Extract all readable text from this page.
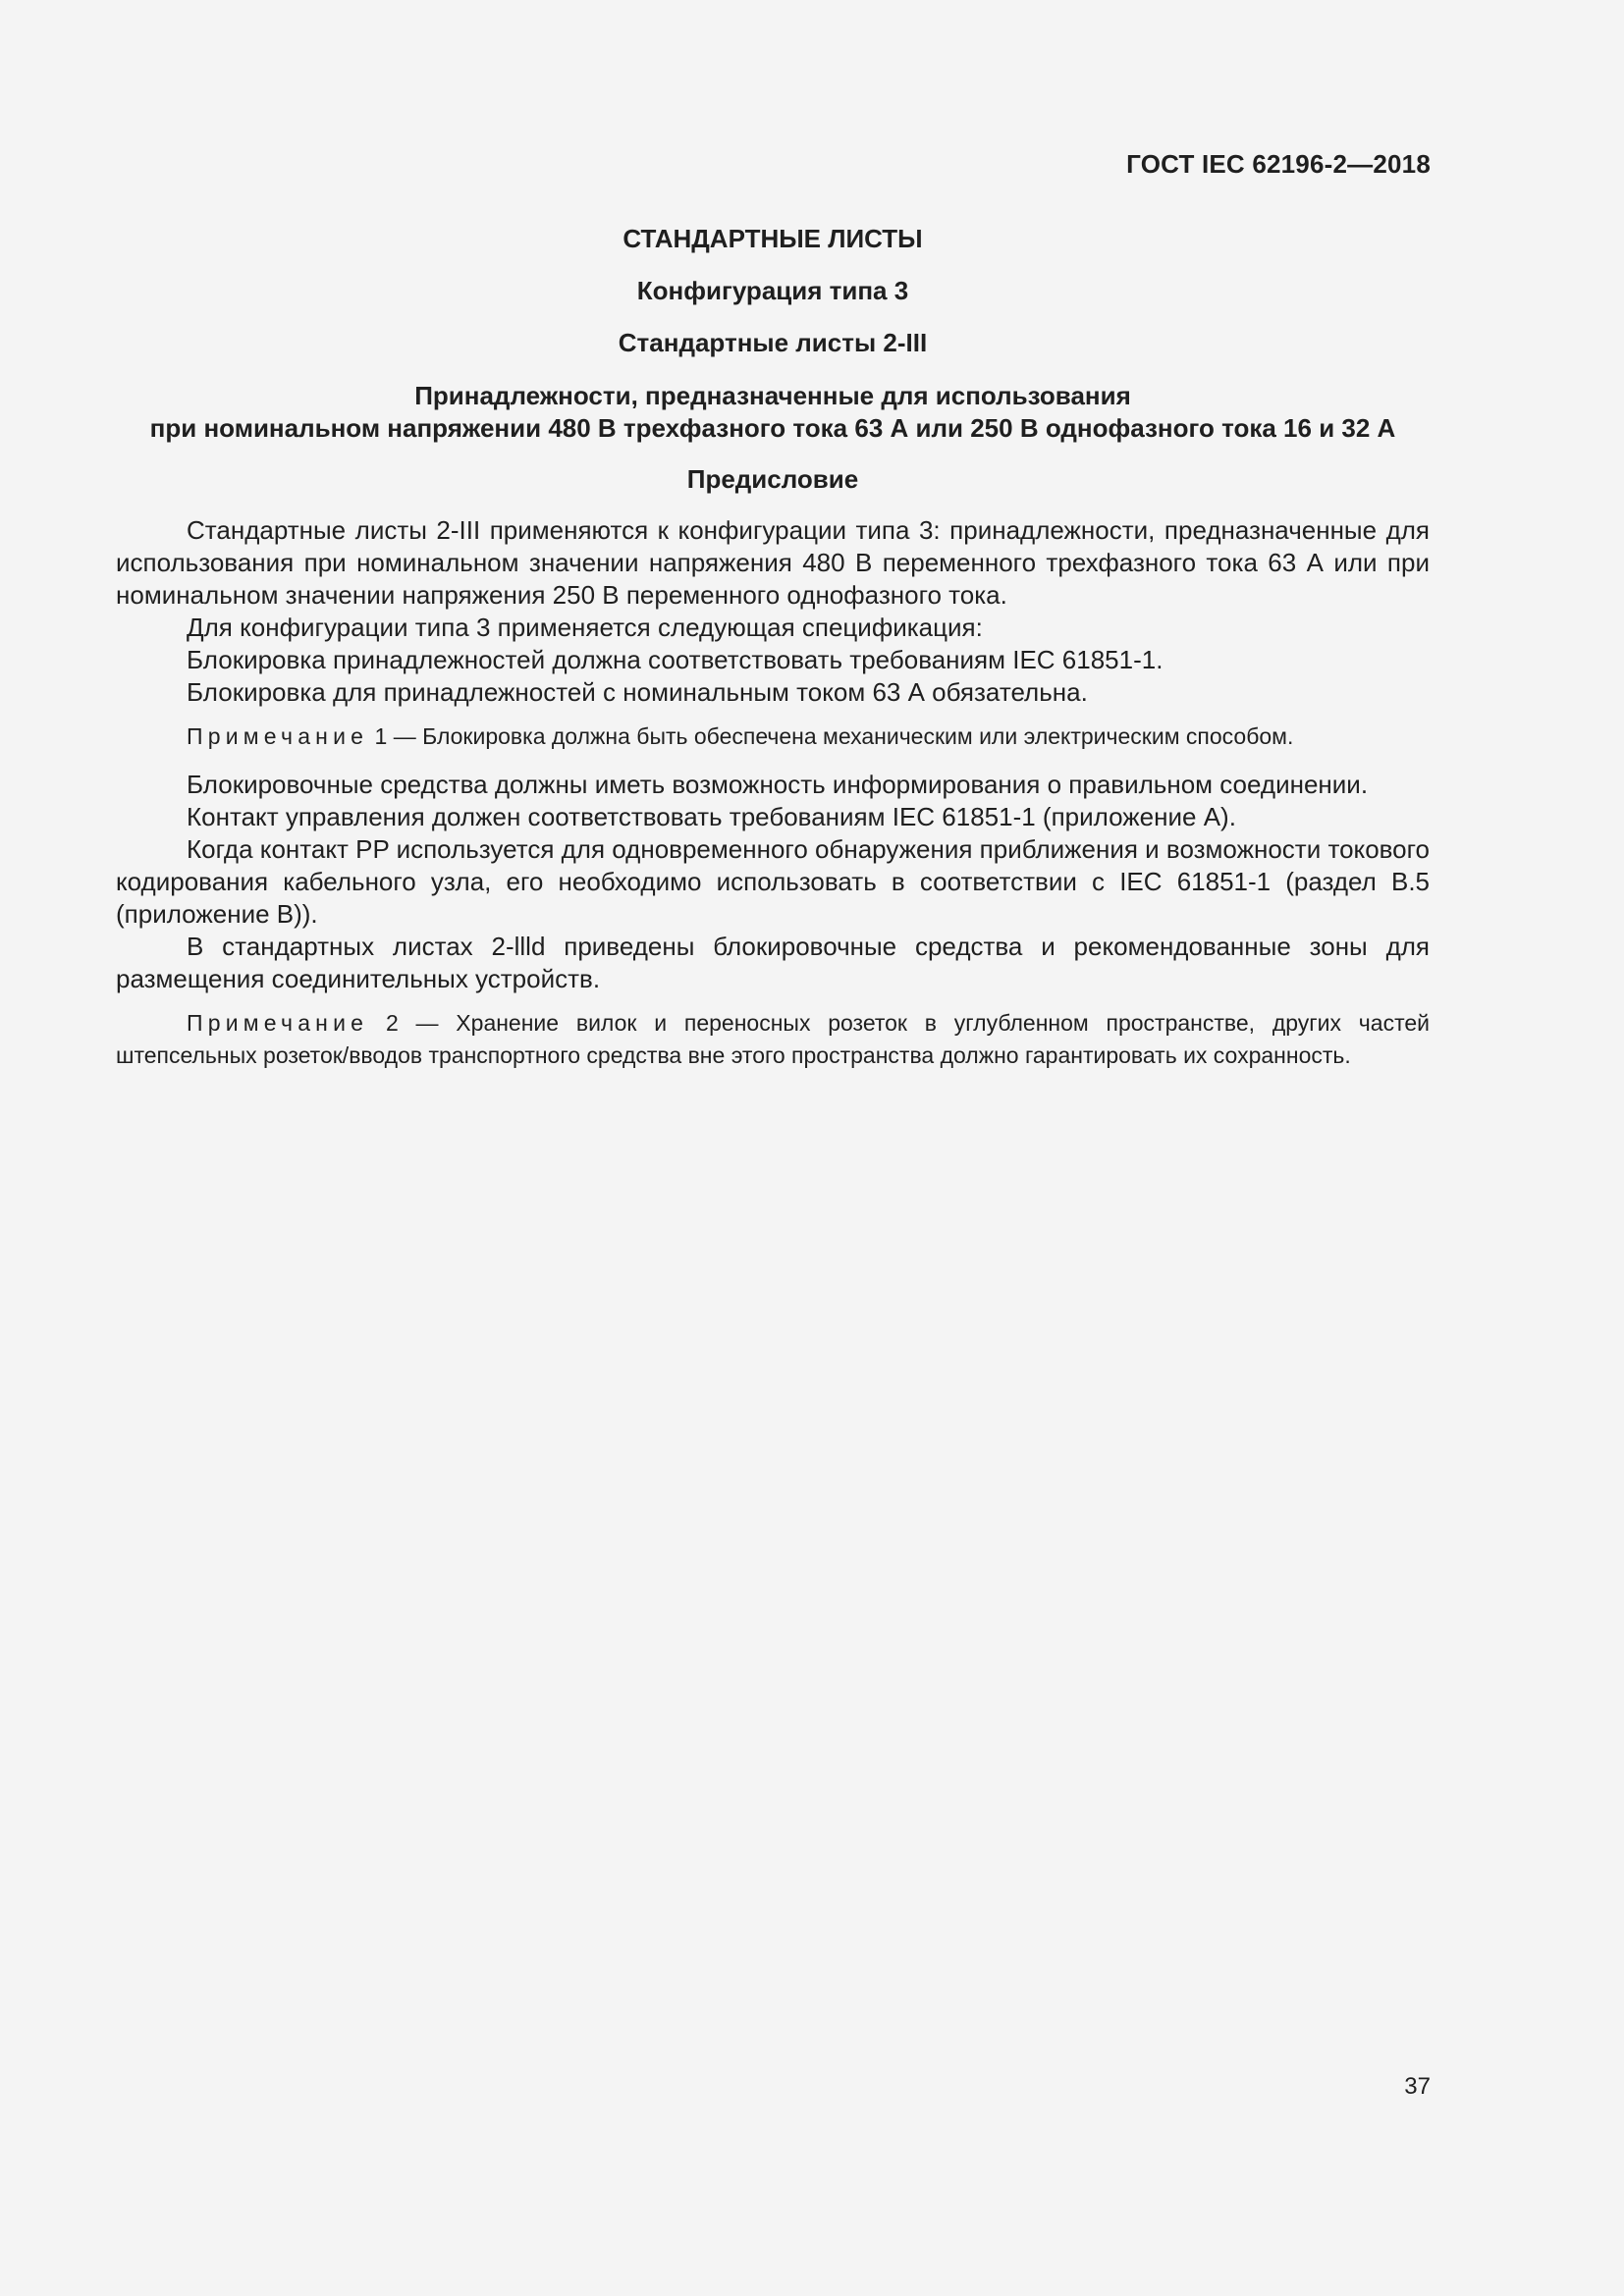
ГОСТ IEC 62196-2—2018

СТАНДАРТНЫЕ ЛИСТЫ

Конфигурация типа 3

Стандартные листы 2-III

Принадлежности, предназначенные для использования
при номинальном напряжении 480 В трехфазного тока 63 А или 250 В однофазного тока 16 и 32 А

Предисловие

Стандартные листы 2-III применяются к конфигурации типа 3: принадлежности, предназначенные для использования при номинальном значении напряжения 480 В переменного трехфазного тока 63 А или при номинальном значении напряжения 250 В переменного однофазного тока.

Для конфигурации типа 3 применяется следующая спецификация:

Блокировка принадлежностей должна соответствовать требованиям IEC 61851-1.

Блокировка для принадлежностей с номинальным током 63 А обязательна.

Примечание 1 — Блокировка должна быть обеспечена механическим или электрическим способом.

Блокировочные средства должны иметь возможность информирования о правильном соединении.

Контакт управления должен соответствовать требованиям IEC 61851-1 (приложение А).

Когда контакт PP используется для одновременного обнаружения приближения и возможности токового кодирования кабельного узла, его необходимо использовать в соответствии с IEC 61851-1 (раздел В.5 (приложение В)).

В стандартных листах 2-llld приведены блокировочные средства и рекомендованные зоны для размещения соединительных устройств.

Примечание 2 — Хранение вилок и переносных розеток в углубленном пространстве, других частей штепсельных розеток/вводов транспортного средства вне этого пространства должно гарантировать их сохранность.

37
